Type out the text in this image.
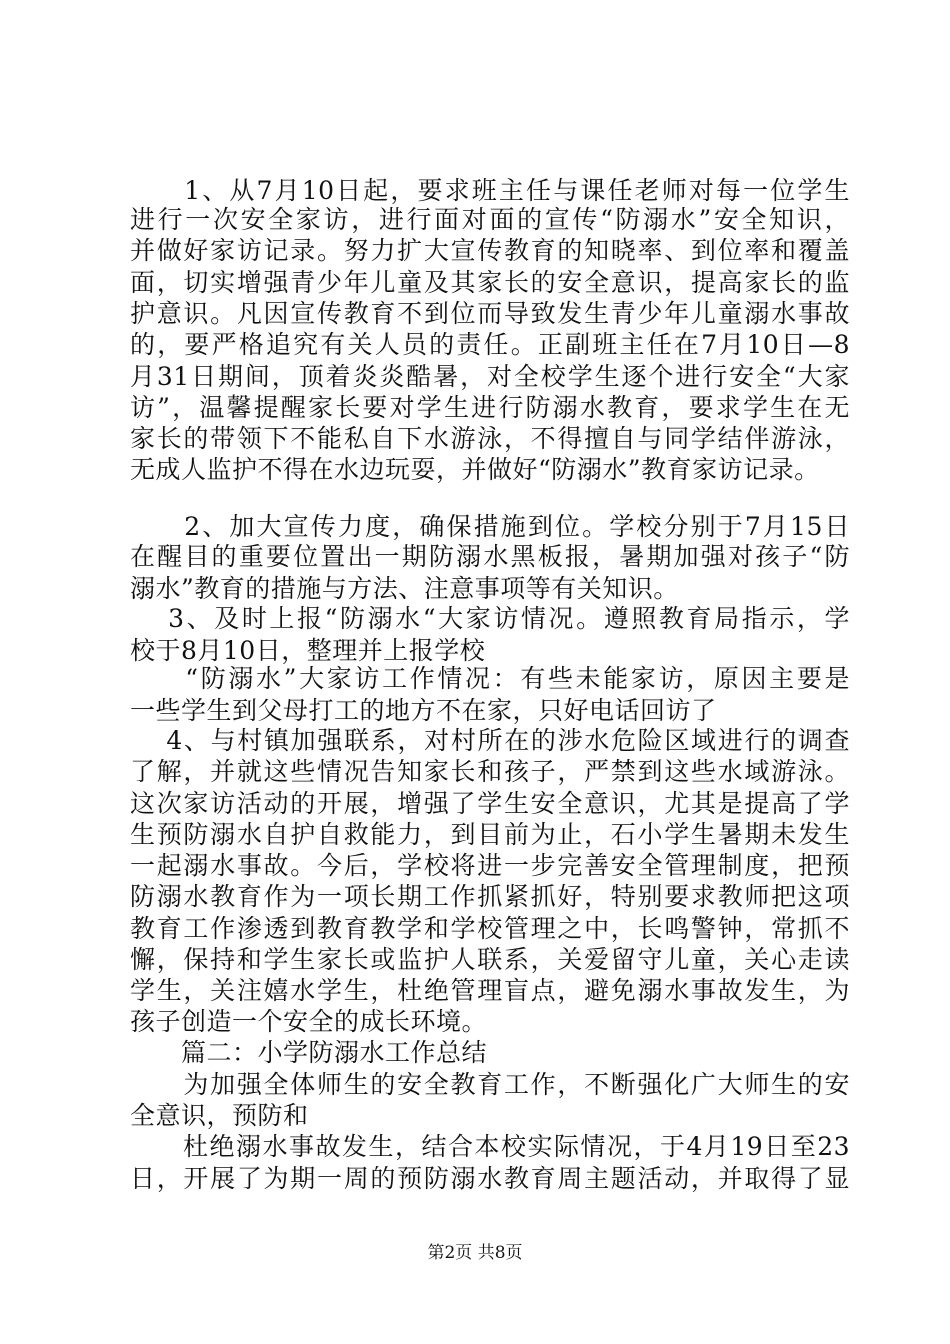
　　1、从7月10日起，要求班主任与课任老师对每一位学生
进行一次安全家访，进行面对面的宣传“防溺水”安全知识，
并做好家访记录。努力扩大宣传教育的知晓率、到位率和覆盖
面，切实增强青少年儿童及其家长的安全意识，提高家长的监
护意识。凡因宣传教育不到位而导致发生青少年儿童溺水事故
的，要严格追究有关人员的责任。正副班主任在7月10日—8
月31日期间，顶着炎炎酷暑，对全校学生逐个进行安全“大家
访”，温馨提醒家长要对学生进行防溺水教育，要求学生在无
家长的带领下不能私自下水游泳，不得擅自与同学结伴游泳，
无成人监护不得在水边玩耍，并做好“防溺水”教育家访记录。
　　2、加大宣传力度，确保措施到位。学校分别于7月15日
在醒目的重要位置出一期防溺水黑板报，暑期加强对孩子“防
溺水”教育的措施与方法、注意事项等有关知识。
　 3、及时上报“防溺水“大家访情况。遵照教育局指示，学
校于8月10日，整理并上报学校
　　“防溺水”大家访工作情况：有些未能家访，原因主要是
一些学生到父母打工的地方不在家，只好电话回访了
　 4、与村镇加强联系，对村所在的涉水危险区域进行的调查
了解，并就这些情况告知家长和孩子，严禁到这些水域游泳。
这次家访活动的开展，增强了学生安全意识，尤其是提高了学
生预防溺水自护自救能力，到目前为止，石小学生暑期未发生
一起溺水事故。今后，学校将进一步完善安全管理制度，把预
防溺水教育作为一项长期工作抓紧抓好，特别要求教师把这项
教育工作渗透到教育教学和学校管理之中，长鸣警钟，常抓不
懈，保持和学生家长或监护人联系，关爱留守儿童，关心走读
学生，关注嬉水学生，杜绝管理盲点，避免溺水事故发生，为
孩子创造一个安全的成长环境。
　　篇二：小学防溺水工作总结
　　为加强全体师生的安全教育工作，不断强化广大师生的安
全意识，预防和
　　杜绝溺水事故发生，结合本校实际情况，于4月19日至23
日，开展了为期一周的预防溺水教育周主题活动，并取得了显
第2页 共8页
